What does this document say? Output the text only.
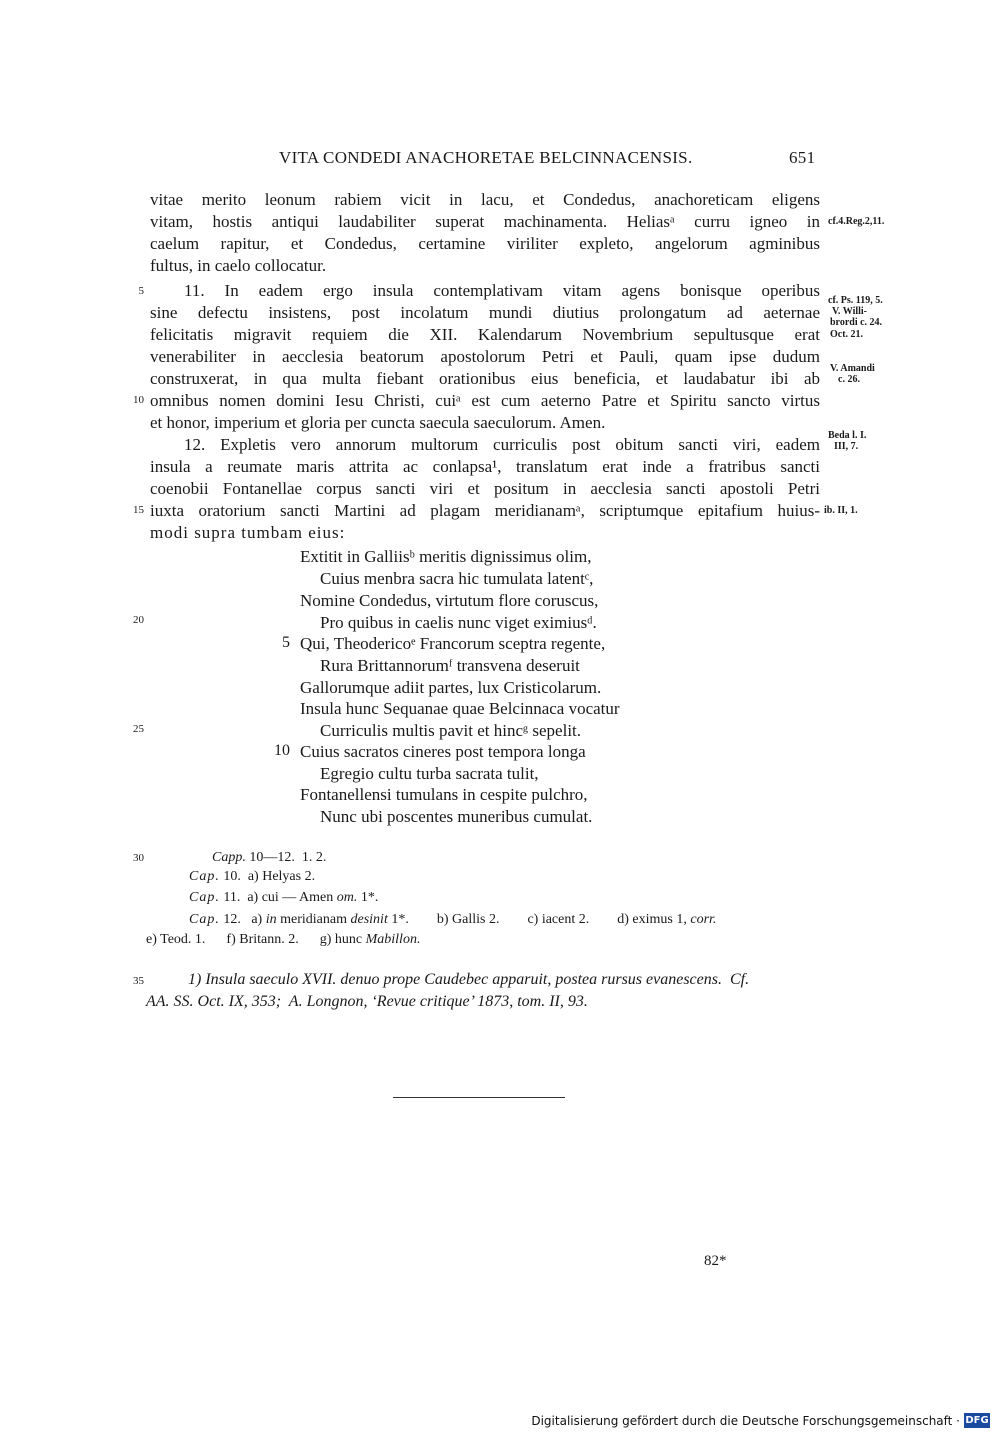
VITA CONDEDI ANACHORETAE BELCINNACENSIS.	651
vitae merito leonum rabiem vicit in lacu, et Condedus, anachoreticam eligens
vitam, hostis antiqui laudabiliter superat machinamenta. Heliasᵃ curru igneo in
caelum rapitur, et Condedus, certamine viriliter expleto, angelorum agminibus
fultus, in caelo collocatur.
11. In eadem ergo insula contemplativam vitam agens bonisque operibus
sine defectu insistens, post incolatum mundi diutius prolongatum ad aeternae
felicitatis migravit requiem die XII. Kalendarum Novembrium sepultusque erat
venerabiliter in aecclesia beatorum apostolorum Petri et Pauli, quam ipse dudum
construxerat, in qua multa fiebant orationibus eius beneficia, et laudabatur ibi ab
omnibus nomen domini Iesu Christi, cuiᵃ est cum aeterno Patre et Spiritu sancto virtus
et honor, imperium et gloria per cuncta saecula saeculorum. Amen.
12. Expletis vero annorum multorum curriculis post obitum sancti viri, eadem
insula a reumate maris attrita ac conlapsa¹, translatum erat inde a fratribus sancti
coenobii Fontanellae corpus sancti viri et positum in aecclesia sancti apostoli Petri
iuxta oratorium sancti Martini ad plagam meridianamᵃ, scriptumque epitafium huius-
modi supra tumbam eius:
5
10
15
20
25
30
35
cf.4.Reg.2,11.
cf. Ps. 119, 5.
V. Willi-
brordi c. 24.
Oct. 21.
V. Amandi
c. 26.
Beda l. I.
III, 7.
ib. II, 1.
Extitit in Galliisᵇ meritis dignissimus olim,
Cuius menbra sacra hic tumulata latentᶜ,
Nomine Condedus, virtutum flore coruscus,
Pro quibus in caelis nunc viget eximiusᵈ.
Qui, Theodericoᵉ Francorum sceptra regente,
Rura Brittannorumᶠ transvena deseruit
Gallorumque adiit partes, lux Cristicolarum.
Insula hunc Sequanae quae Belcinnaca vocatur
Curriculis multis pavit et hincᵍ sepelit.
Cuius sacratos cineres post tempora longa
Egregio cultu turba sacrata tulit,
Fontanellensi tumulans in cespite pulchro,
Nunc ubi poscentes muneribus cumulat.
5
10
Capp. 10—12.  1. 2.
Cap. 10.  a) Helyas 2.
Cap. 11.  a) cui — Amen om. 1*.
Cap. 12.   a) in meridianam desinit 1*.        b) Gallis 2.        c) iacent 2.        d) eximus 1, corr.
e) Teod. 1.      f) Britann. 2.      g) hunc Mabillon.
1) Insula saeculo XVII. denuo prope Caudebec apparuit, postea rursus evanescens.  Cf.
AA. SS. Oct. IX, 353;  A. Longnon, ‘Revue critique’ 1873, tom. II, 93.
82*
Digitalisierung gefördert durch die Deutsche Forschungsgemeinschaft · DFG
